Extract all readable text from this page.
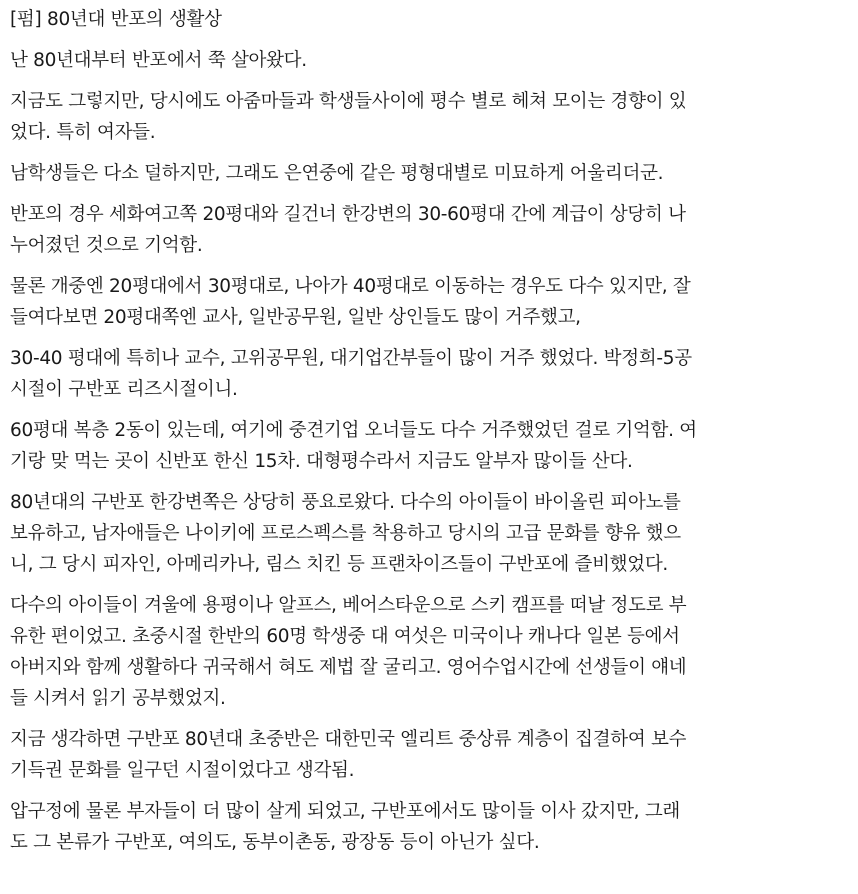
[펌] 80년대 반포의 생활상

난 80년대부터 반포에서 쭉 살아왔다.

지금도 그렇지만, 당시에도 아줌마들과 학생들사이에 평수 별로 헤쳐 모이는 경향이 있
었다. 특히 여자들.

남학생들은 다소 덜하지만, 그래도 은연중에 같은 평형대별로 미묘하게 어울리더군.

반포의 경우 세화여고쪽 20평대와 길건너 한강변의 30-60평대 간에 계급이 상당히 나
누어졌던 것으로 기억함.

물론 개중엔 20평대에서 30평대로, 나아가 40평대로 이동하는 경우도 다수 있지만, 잘
들여다보면 20평대쪽엔 교사, 일반공무원, 일반 상인들도 많이 거주했고,

30-40 평대에 특히나 교수, 고위공무원, 대기업간부들이 많이 거주 했었다. 박정희-5공
시절이 구반포 리즈시절이니.

60평대 복층 2동이 있는데, 여기에 중견기업 오너들도 다수 거주했었던 걸로 기억함. 여
기랑 맞 먹는 곳이 신반포 한신 15차. 대형평수라서 지금도 알부자 많이들 산다.

80년대의 구반포 한강변쪽은 상당히 풍요로왔다. 다수의 아이들이 바이올린 피아노를
보유하고, 남자애들은 나이키에 프로스펙스를 착용하고 당시의 고급 문화를 향유 했으
니, 그 당시 피자인, 아메리카나, 림스 치킨 등 프랜차이즈들이 구반포에 즐비했었다.

다수의 아이들이 겨울에 용평이나 알프스, 베어스타운으로 스키 캠프를 떠날 정도로 부
유한 편이었고. 초중시절 한반의 60명 학생중 대 여섯은 미국이나 캐나다 일본 등에서
아버지와 함께 생활하다 귀국해서 혀도 제법 잘 굴리고. 영어수업시간에 선생들이 얘네
들 시켜서 읽기 공부했었지.

지금 생각하면 구반포 80년대 초중반은 대한민국 엘리트 중상류 계층이 집결하여 보수
기득권 문화를 일구던 시절이었다고 생각됨.

압구정에 물론 부자들이 더 많이 살게 되었고, 구반포에서도 많이들 이사 갔지만, 그래
도 그 본류가 구반포, 여의도, 동부이촌동, 광장동 등이 아닌가 싶다.
